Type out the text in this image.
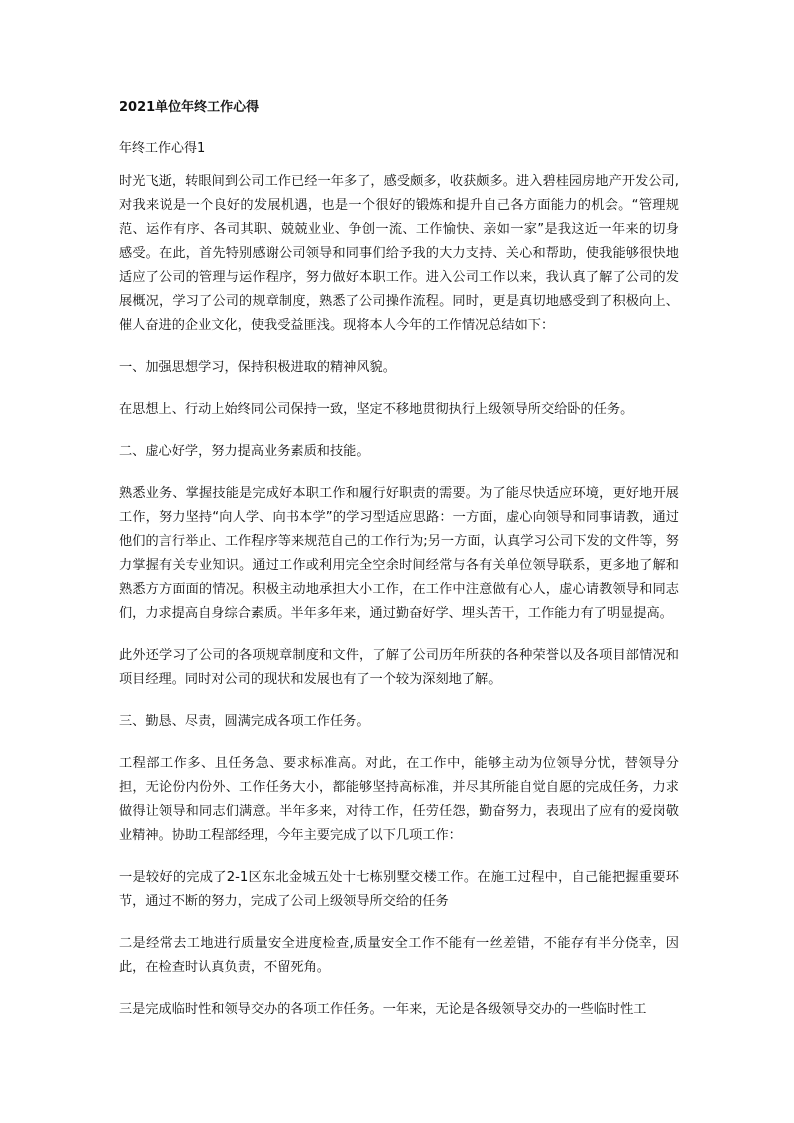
2021单位年终工作心得

年终工作心得1

时光飞逝，转眼间到公司工作已经一年多了，感受颇多，收获颇多。进入碧桂园房地产开发公司,对我来说是一个良好的发展机遇，也是一个很好的锻炼和提升自己各方面能力的机会。“管理规范、运作有序、各司其职、兢兢业业、争创一流、工作愉快、亲如一家”是我这近一年来的切身感受。在此，首先特别感谢公司领导和同事们给予我的大力支持、关心和帮助，使我能够很快地适应了公司的管理与运作程序，努力做好本职工作。进入公司工作以来，我认真了解了公司的发展概况，学习了公司的规章制度，熟悉了公司操作流程。同时，更是真切地感受到了积极向上、催人奋进的企业文化，使我受益匪浅。现将本人今年的工作情况总结如下：

一、加强思想学习，保持积极进取的精神风貌。

在思想上、行动上始终同公司保持一致，坚定不移地贯彻执行上级领导所交给卧的任务。

二、虚心好学，努力提高业务素质和技能。

熟悉业务、掌握技能是完成好本职工作和履行好职责的需要。为了能尽快适应环境，更好地开展工作，努力坚持“向人学、向书本学”的学习型适应思路：一方面，虚心向领导和同事请教，通过他们的言行举止、工作程序等来规范自己的工作行为;另一方面，认真学习公司下发的文件等，努力掌握有关专业知识。通过工作或利用完全空余时间经常与各有关单位领导联系，更多地了解和熟悉方方面面的情况。积极主动地承担大小工作，在工作中注意做有心人，虚心请教领导和同志们，力求提高自身综合素质。半年多年来，通过勤奋好学、埋头苦干，工作能力有了明显提高。

此外还学习了公司的各项规章制度和文件，了解了公司历年所获的各种荣誉以及各项目部情况和项目经理。同时对公司的现状和发展也有了一个较为深刻地了解。

三、勤恳、尽责，圆满完成各项工作任务。

工程部工作多、且任务急、要求标准高。对此，在工作中，能够主动为位领导分忧，替领导分担，无论份内份外、工作任务大小，都能够坚持高标准，并尽其所能自觉自愿的完成任务，力求做得让领导和同志们满意。半年多来，对待工作，任劳任怨，勤奋努力，表现出了应有的爱岗敬业精神。协助工程部经理，今年主要完成了以下几项工作：

一是较好的完成了2-1区东北金城五处十七栋别墅交楼工作。在施工过程中，自己能把握重要环节，通过不断的努力，完成了公司上级领导所交给的任务

二是经常去工地进行质量安全进度检查,质量安全工作不能有一丝差错，不能存有半分侥幸，因此，在检查时认真负责，不留死角。

三是完成临时性和领导交办的各项工作任务。一年来，无论是各级领导交办的一些临时性工
